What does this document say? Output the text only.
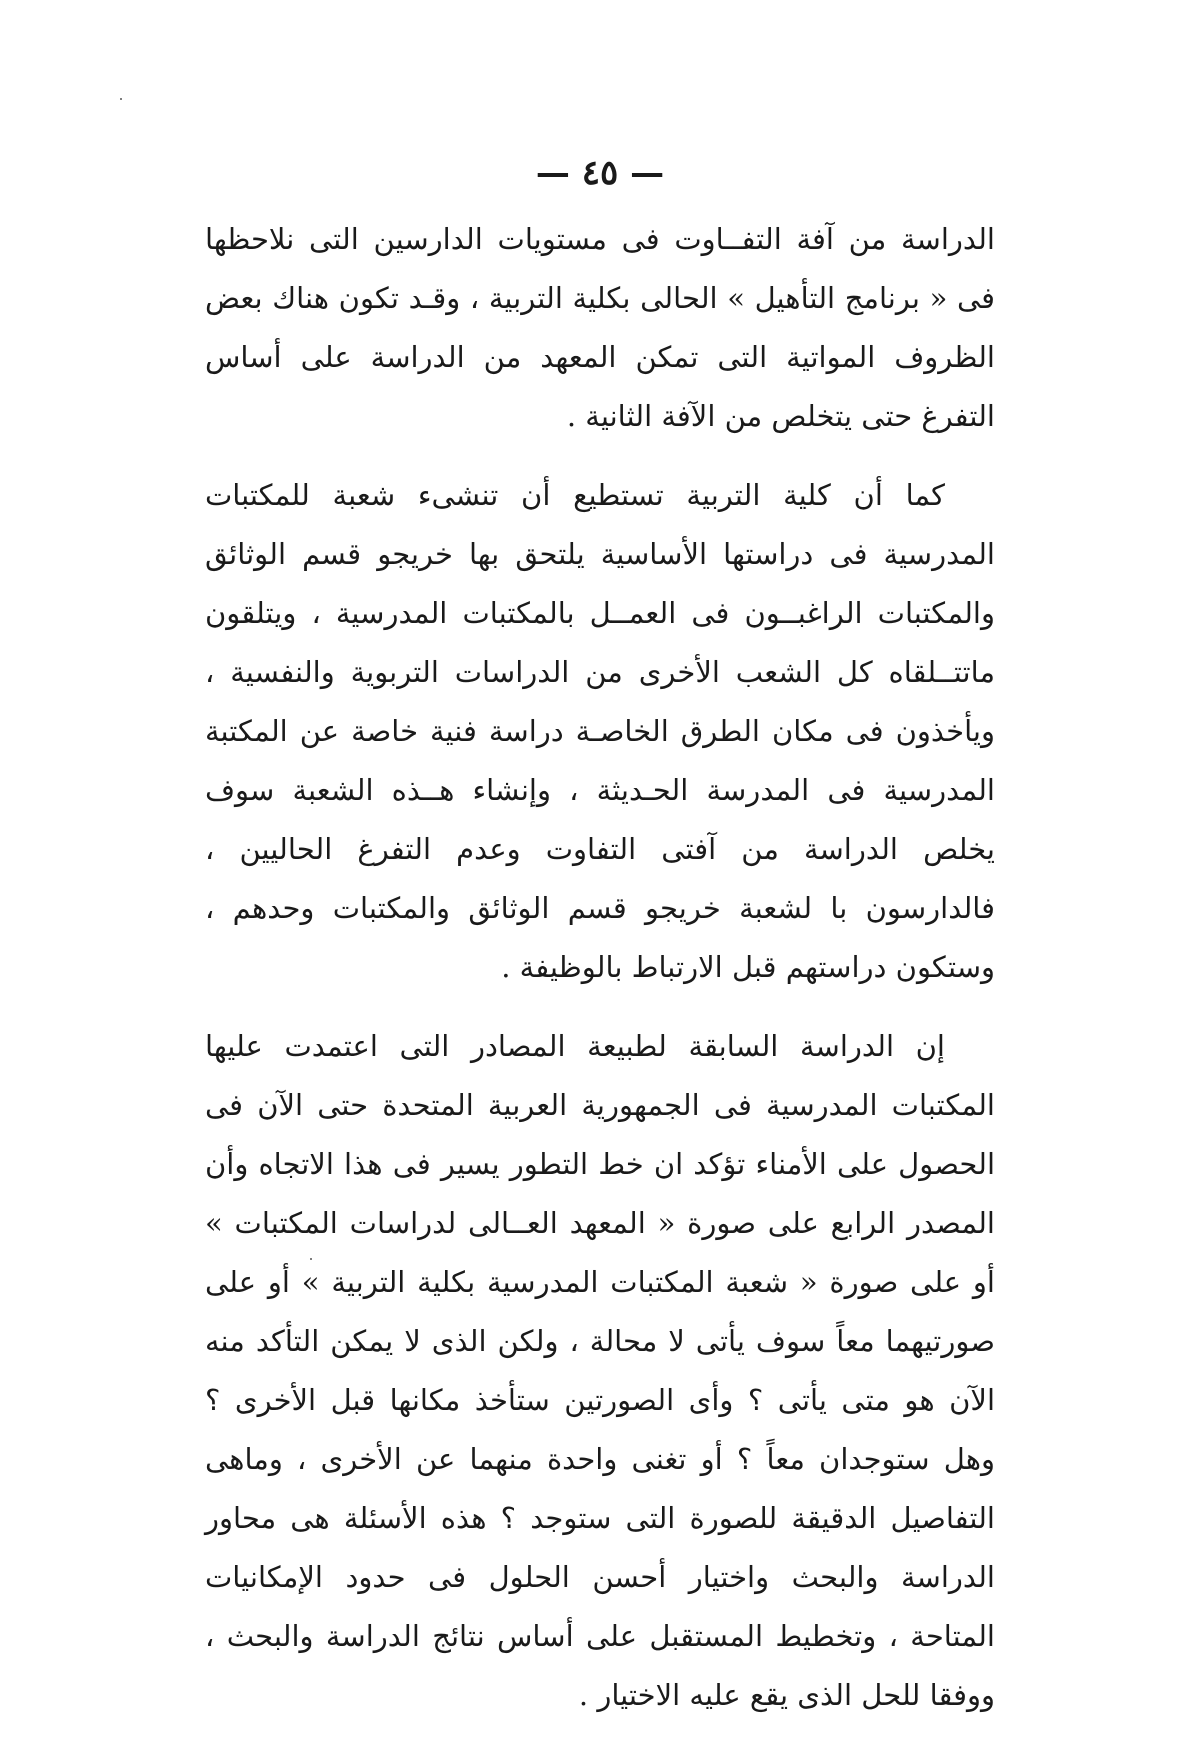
— ٤٥ —

الدراسة من آفة التفــاوت فى مستويات الدارسين التى نلاحظها فى « برنامج التأهيل » الحالى بكلية التربية ، وقـد تكون هناك بعض الظروف المواتية التى تمكن المعهد من الدراسة على أساس التفرغ حتى يتخلص من الآفة الثانية .

كما أن كلية التربية تستطيع أن تنشىء شعبة للمكتبات المدرسية فى دراستها الأساسية يلتحق بها خريجو قسم الوثائق والمكتبات الراغبــون فى العمــل بالمكتبات المدرسية ، ويتلقون ماتتــلقاه كل الشعب الأخرى من الدراسات التربوية والنفسية ، ويأخذون فى مكان الطرق الخاصـة دراسة فنية خاصة عن المكتبة المدرسية فى المدرسة الحـديثة ، وإنشاء هــذه الشعبة سوف يخلص الدراسة من آفتى التفاوت وعدم التفرغ الحاليين ، فالدارسون با لشعبة خريجو قسم الوثائق والمكتبات وحدهم ، وستكون دراستهم قبل الارتباط بالوظيفة .

إن الدراسة السابقة لطبيعة المصادر التى اعتمدت عليها المكتبات المدرسية فى الجمهورية العربية المتحدة حتى الآن فى الحصول على الأمناء تؤكد ان خط التطور يسير فى هذا الاتجاه وأن المصدر الرابع على صورة « المعهد العــالى لدراسات المكتبات » أو على صورة « شعبة المكتبات المدرسية بكلية التربية » أو على صورتيهما معاً سوف يأتى لا محالة ، ولكن الذى لا يمكن التأكد منه الآن هو متى يأتى ؟ وأى الصورتين ستأخذ مكانها قبل الأخرى ؟ وهل ستوجدان معاً ؟ أو تغنى واحدة منهما عن الأخرى ، وماهى التفاصيل الدقيقة للصورة التى ستوجد ؟ هذه الأسئلة هى محاور الدراسة والبحث واختيار أحسن الحلول فى حدود الإمكانيات المتاحة ، وتخطيط المستقبل على أساس نتائج الدراسة والبحث ، ووفقا للحل الذى يقع عليه الاختيار .
